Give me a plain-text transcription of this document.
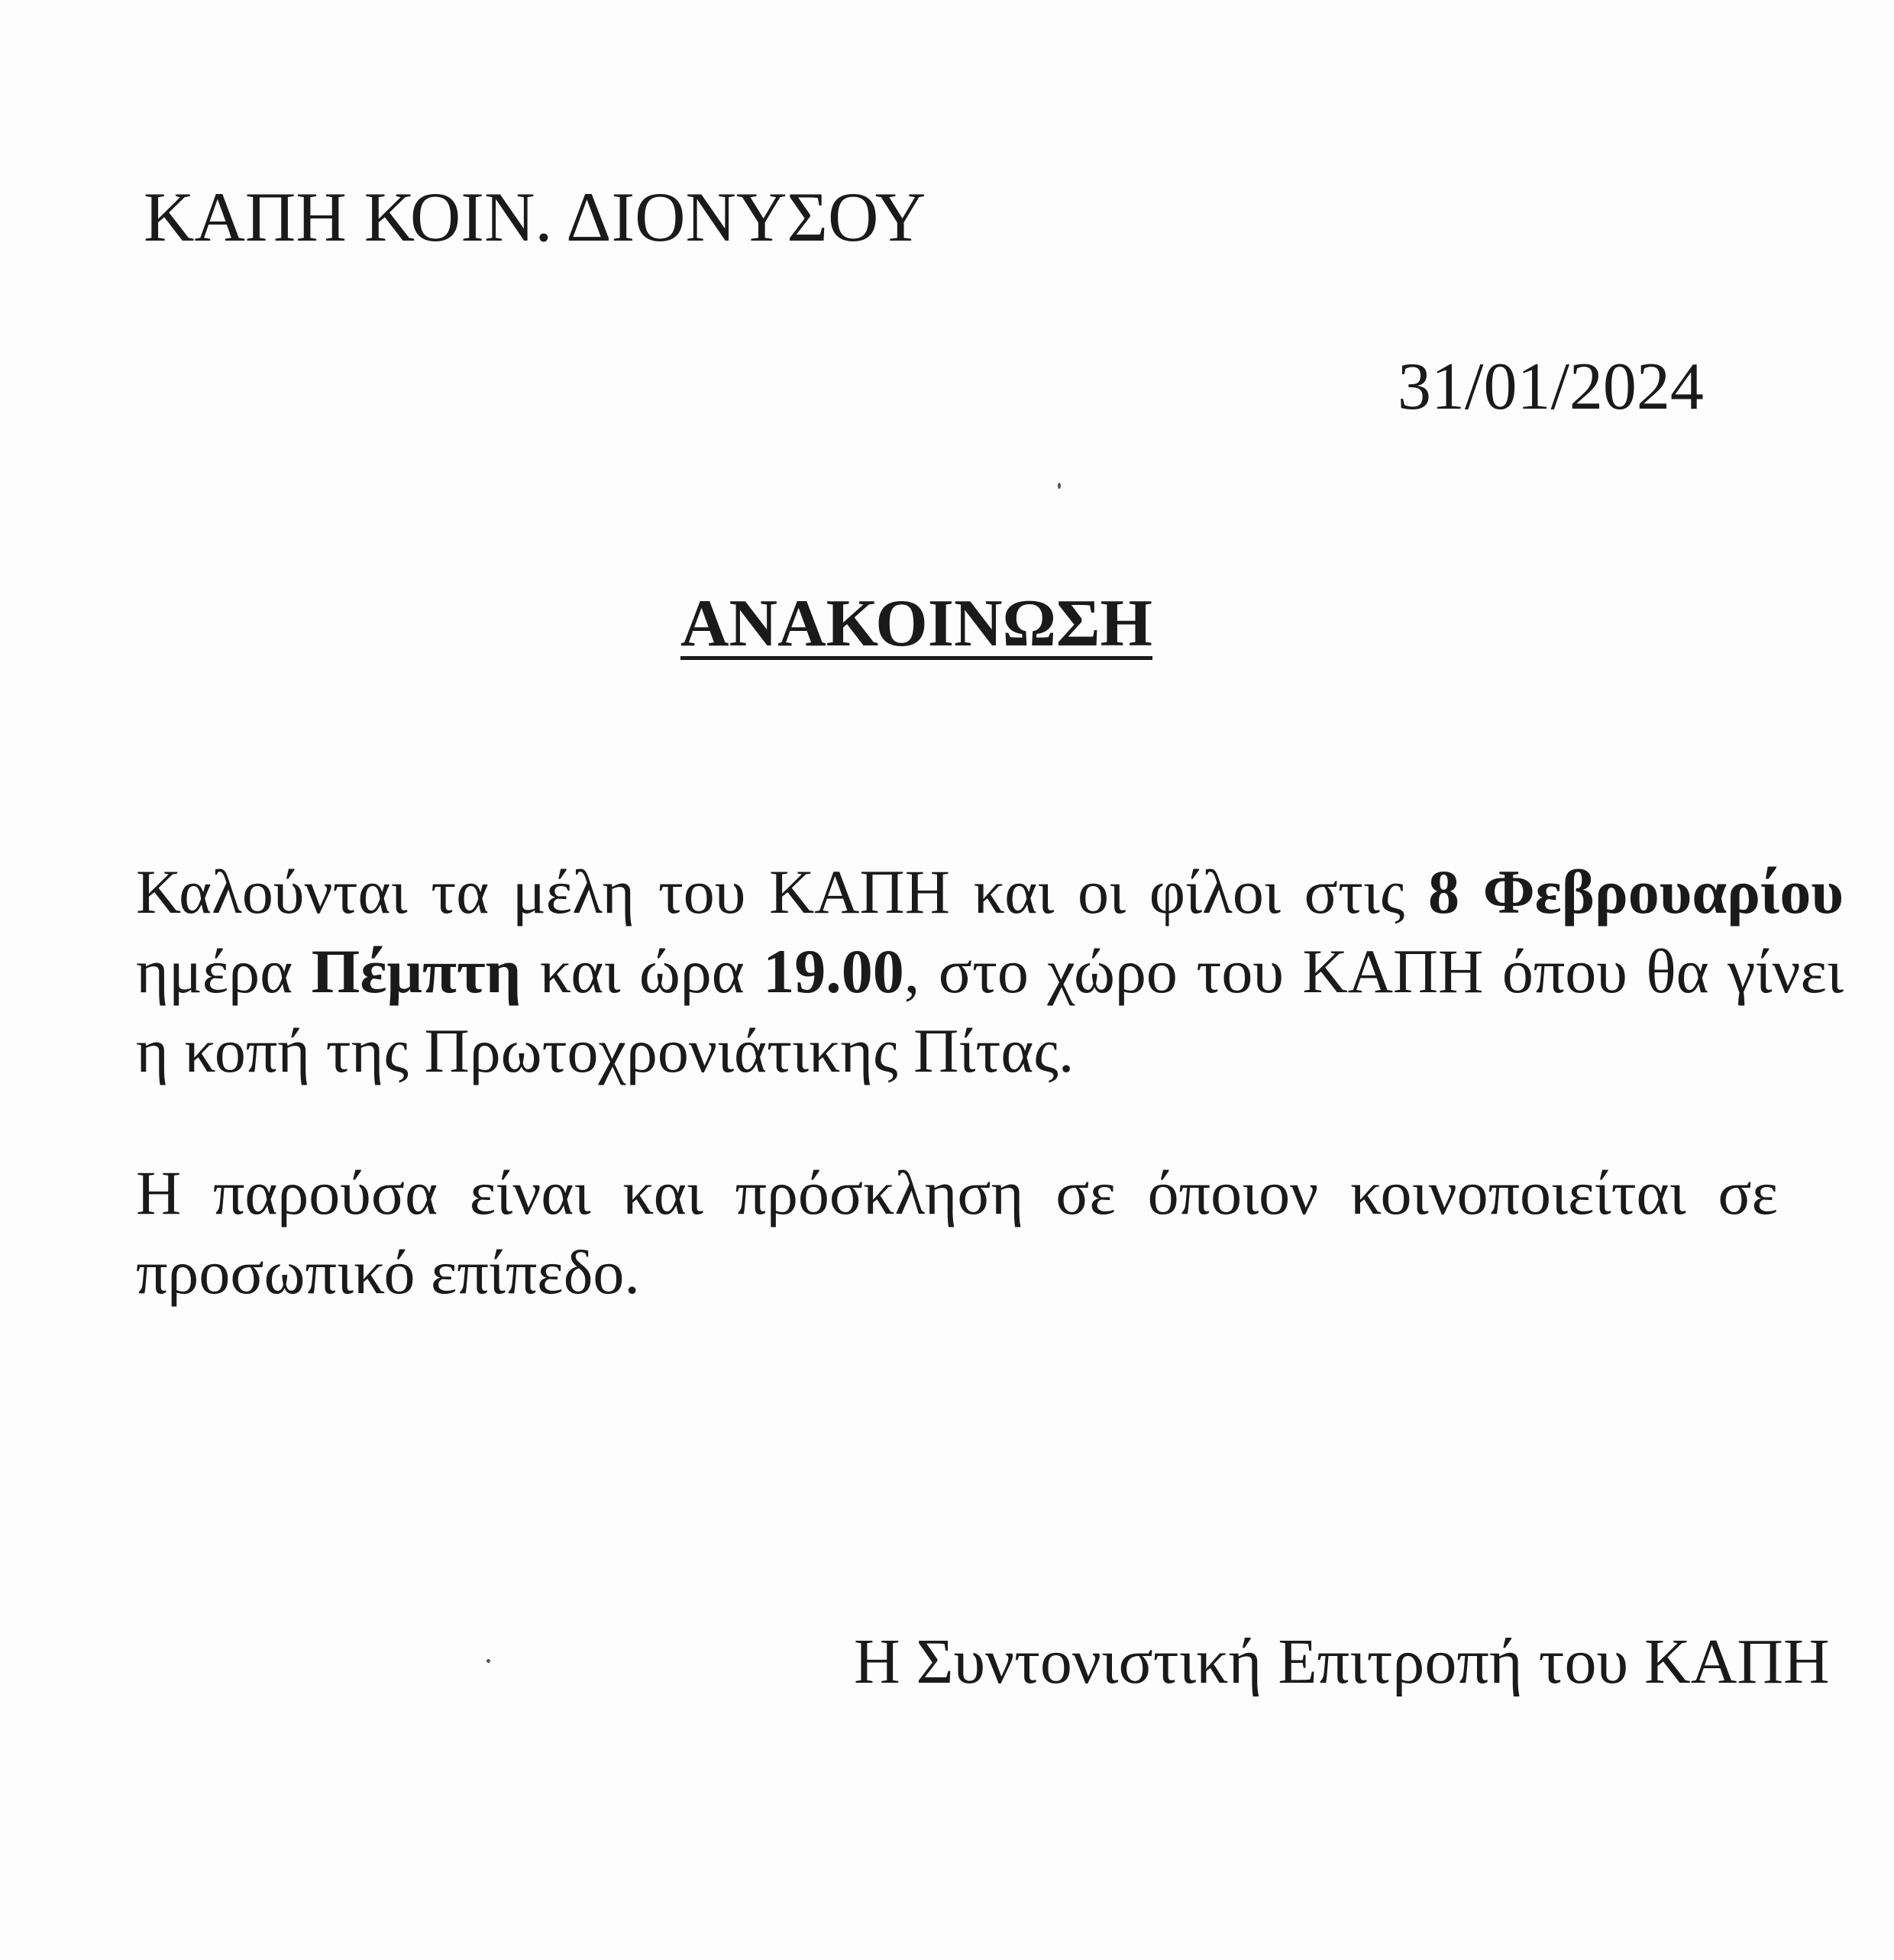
ΚΑΠΗ ΚΟΙΝ. ΔΙΟΝΥΣΟΥ
31/01/2024
ΑΝΑΚΟΙΝΩΣΗ
Καλούνται τα μέλη του ΚΑΠΗ και οι φίλοι στις 8 Φεβρουαρίου ημέρα Πέμπτη και ώρα 19.00, στο χώρο του ΚΑΠΗ όπου θα γίνει η κοπή της Πρωτοχρονιάτικης Πίτας.
Η παρούσα είναι και πρόσκληση σε όποιον κοινοποιείται σε προσωπικό επίπεδο.
Η Συντονιστική Επιτροπή του ΚΑΠΗ
